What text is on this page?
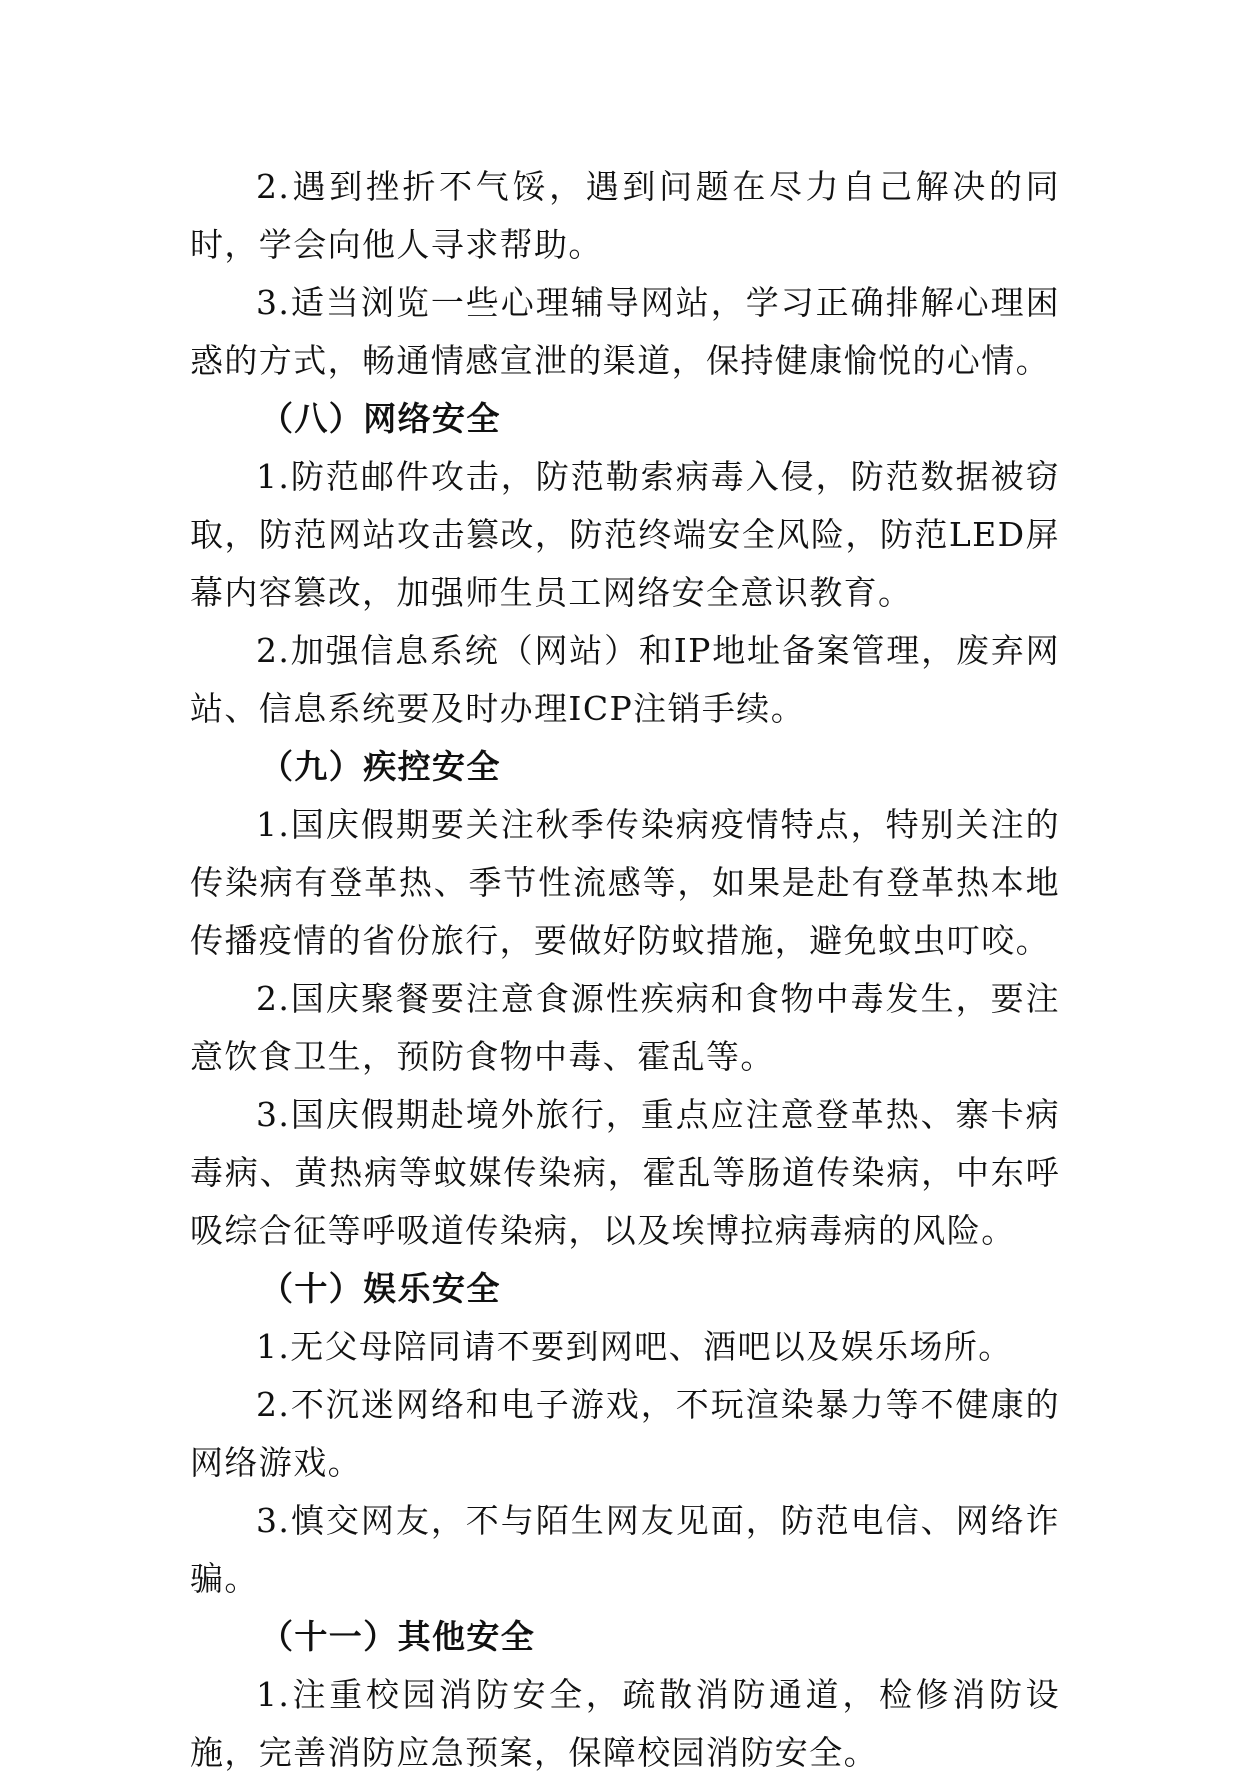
2.遇到挫折不气馁，遇到问题在尽力自己解决的同时，学会向他人寻求帮助。

3.适当浏览一些心理辅导网站，学习正确排解心理困惑的方式，畅通情感宣泄的渠道，保持健康愉悦的心情。

（八）网络安全

1.防范邮件攻击，防范勒索病毒入侵，防范数据被窃取，防范网站攻击篡改，防范终端安全风险，防范LED屏幕内容篡改，加强师生员工网络安全意识教育。

2.加强信息系统（网站）和IP地址备案管理，废弃网站、信息系统要及时办理ICP注销手续。

（九）疾控安全

1.国庆假期要关注秋季传染病疫情特点，特别关注的传染病有登革热、季节性流感等，如果是赴有登革热本地传播疫情的省份旅行，要做好防蚊措施，避免蚊虫叮咬。

2.国庆聚餐要注意食源性疾病和食物中毒发生，要注意饮食卫生，预防食物中毒、霍乱等。

3.国庆假期赴境外旅行，重点应注意登革热、寨卡病毒病、黄热病等蚊媒传染病，霍乱等肠道传染病，中东呼吸综合征等呼吸道传染病，以及埃博拉病毒病的风险。

（十）娱乐安全

1.无父母陪同请不要到网吧、酒吧以及娱乐场所。

2.不沉迷网络和电子游戏，不玩渲染暴力等不健康的网络游戏。

3.慎交网友，不与陌生网友见面，防范电信、网络诈骗。

（十一）其他安全

1.注重校园消防安全，疏散消防通道，检修消防设施，完善消防应急预案，保障校园消防安全。
